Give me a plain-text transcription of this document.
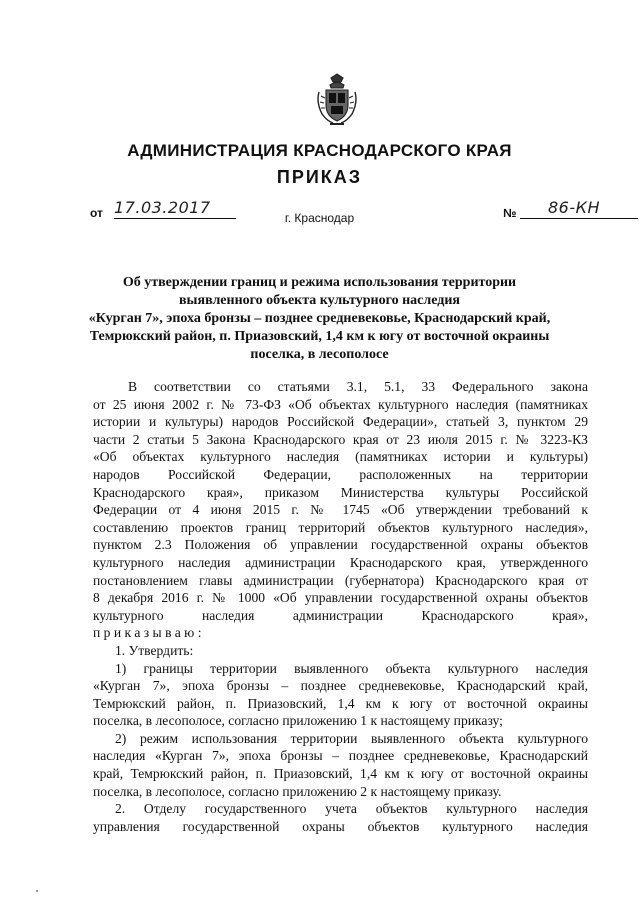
АДМИНИСТРАЦИЯ КРАСНОДАРСКОГО КРАЯ
ПРИКАЗ
от 17.03.2017	№	86-КН
г. Краснодар
Об утверждении границ и режима использования территории
выявленного объекта культурного наследия
«Курган 7», эпоха бронзы – позднее средневековье, Краснодарский край,
Темрюкский район, п. Приазовский, 1,4 км к югу от восточной окраины
поселка, в лесополосе
В соответствии со статьями 3.1, 5.1, 33 Федерального закона
от 25 июня 2002 г. № 73-ФЗ «Об объектах культурного наследия (памятниках
истории и культуры) народов Российской Федерации», статьей 3, пунктом 29
части 2 статьи 5 Закона Краснодарского края от 23 июля 2015 г. № 3223-КЗ
«Об объектах культурного наследия (памятниках истории и культуры)
народов Российской Федерации, расположенных на территории
Краснодарского края», приказом Министерства культуры Российской
Федерации от 4 июня 2015 г. № 1745 «Об утверждении требований к
составлению проектов границ территорий объектов культурного наследия»,
пунктом 2.3 Положения об управлении государственной охраны объектов
культурного наследия администрации Краснодарского края, утвержденного
постановлением главы администрации (губернатора) Краснодарского края от
8 декабря 2016 г. № 1000 «Об управлении государственной охраны объектов
культурного наследия администрации Краснодарского края»,
приказываю:
1. Утвердить:
1) границы территории выявленного объекта культурного наследия
«Курган 7», эпоха бронзы – позднее средневековье, Краснодарский край,
Темрюкский район, п. Приазовский, 1,4 км к югу от восточной окраины
поселка, в лесополосе, согласно приложению 1 к настоящему приказу;
2) режим использования территории выявленного объекта культурного
наследия «Курган 7», эпоха бронзы – позднее средневековье, Краснодарский
край, Темрюкский район, п. Приазовский, 1,4 км к югу от восточной окраины
поселка, в лесополосе, согласно приложению 2 к настоящему приказу.
2. Отделу государственного учета объектов культурного наследия
управления государственной охраны объектов культурного наследия
